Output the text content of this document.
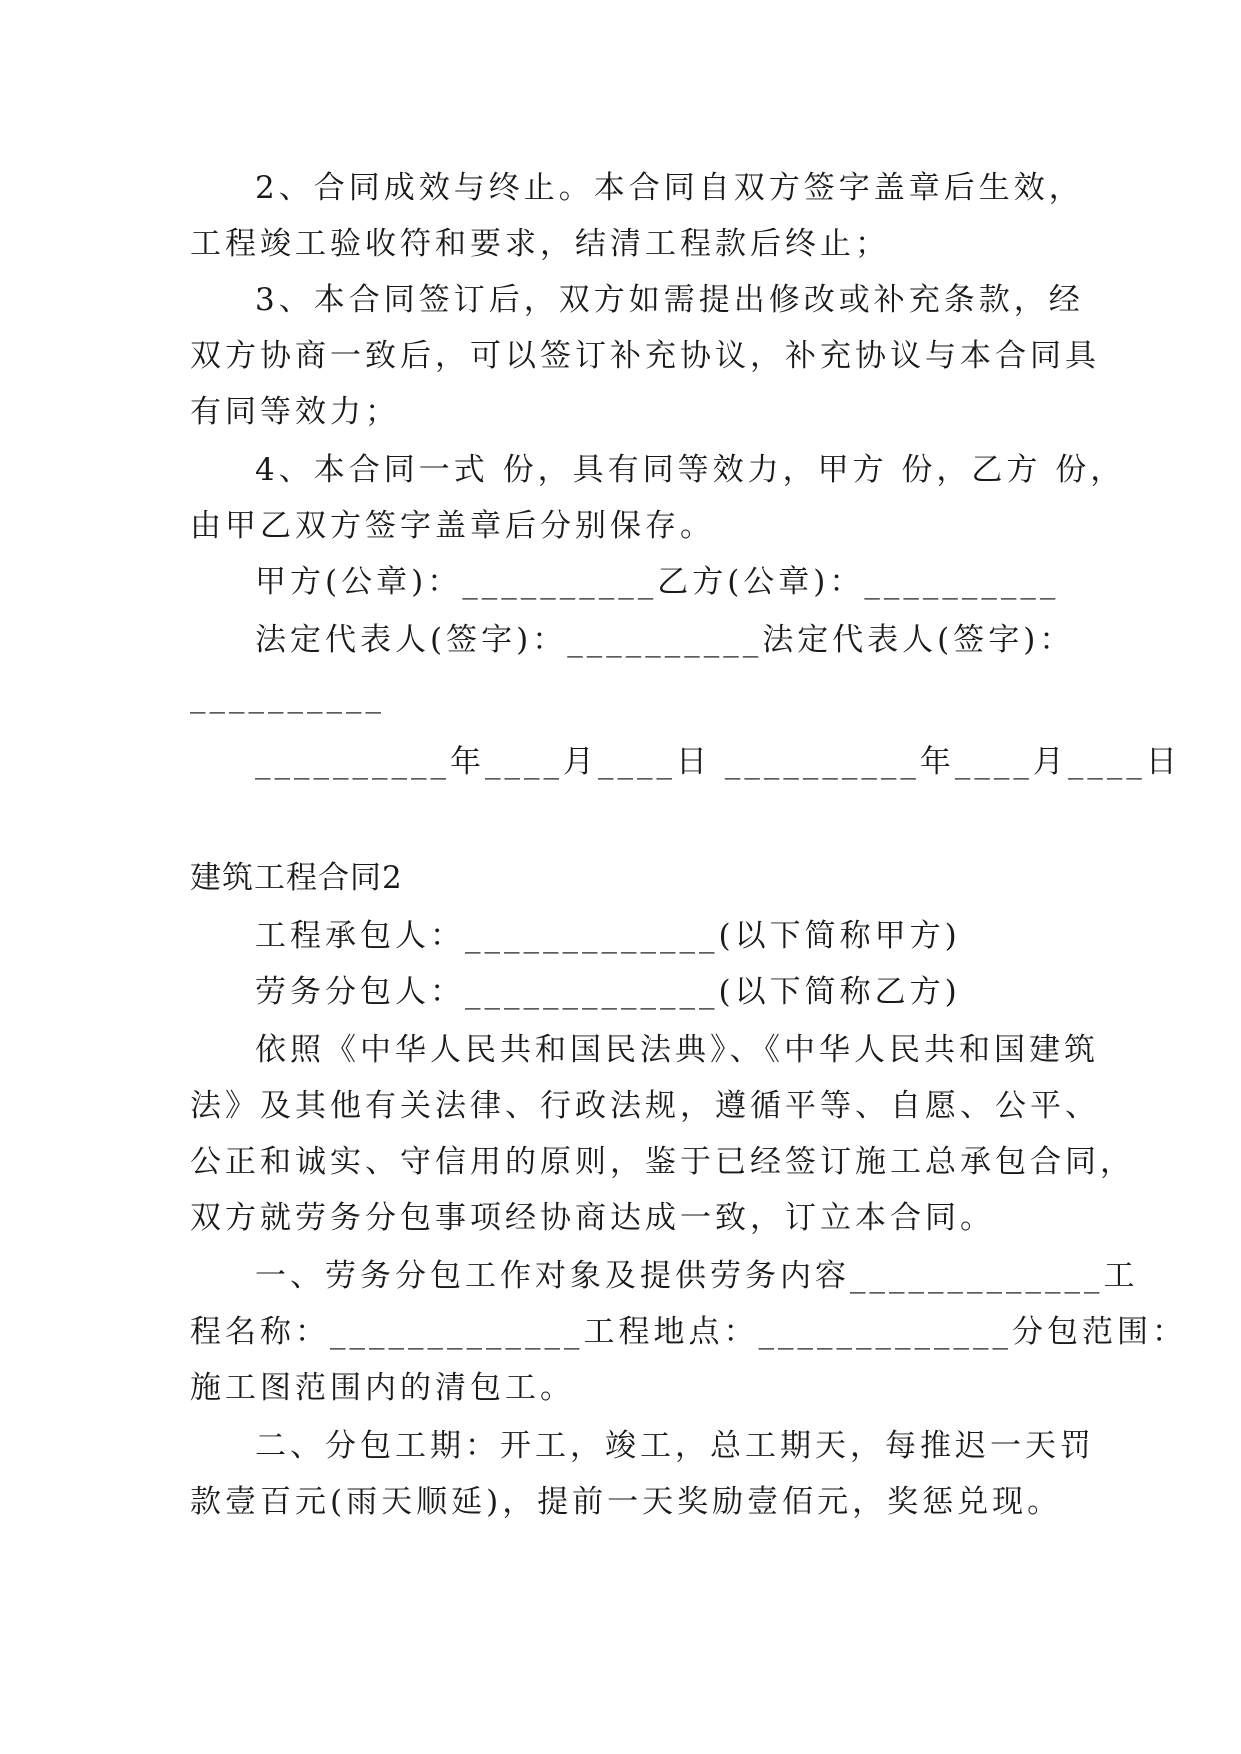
2、合同成效与终止。本合同自双方签字盖章后生效，
工程竣工验收符和要求，结清工程款后终止；
3、本合同签订后，双方如需提出修改或补充条款，经
双方协商一致后，可以签订补充协议，补充协议与本合同具
有同等效力；
4、本合同一式 份，具有同等效力，甲方 份，乙方 份，
由甲乙双方签字盖章后分别保存。
甲方(公章)：__________乙方(公章)：__________
法定代表人(签字)：__________法定代表人(签字)：
__________
__________年____月____日 __________年____月____日
建筑工程合同2
工程承包人：_____________(以下简称甲方)
劳务分包人：_____________(以下简称乙方)
依照《中华人民共和国民法典》、《中华人民共和国建筑
法》及其他有关法律、行政法规，遵循平等、自愿、公平、
公正和诚实、守信用的原则，鉴于已经签订施工总承包合同，
双方就劳务分包事项经协商达成一致，订立本合同。
一、劳务分包工作对象及提供劳务内容_____________工
程名称：_____________工程地点：_____________分包范围：
施工图范围内的清包工。
二、分包工期：开工，竣工，总工期天，每推迟一天罚
款壹百元(雨天顺延)，提前一天奖励壹佰元，奖惩兑现。
